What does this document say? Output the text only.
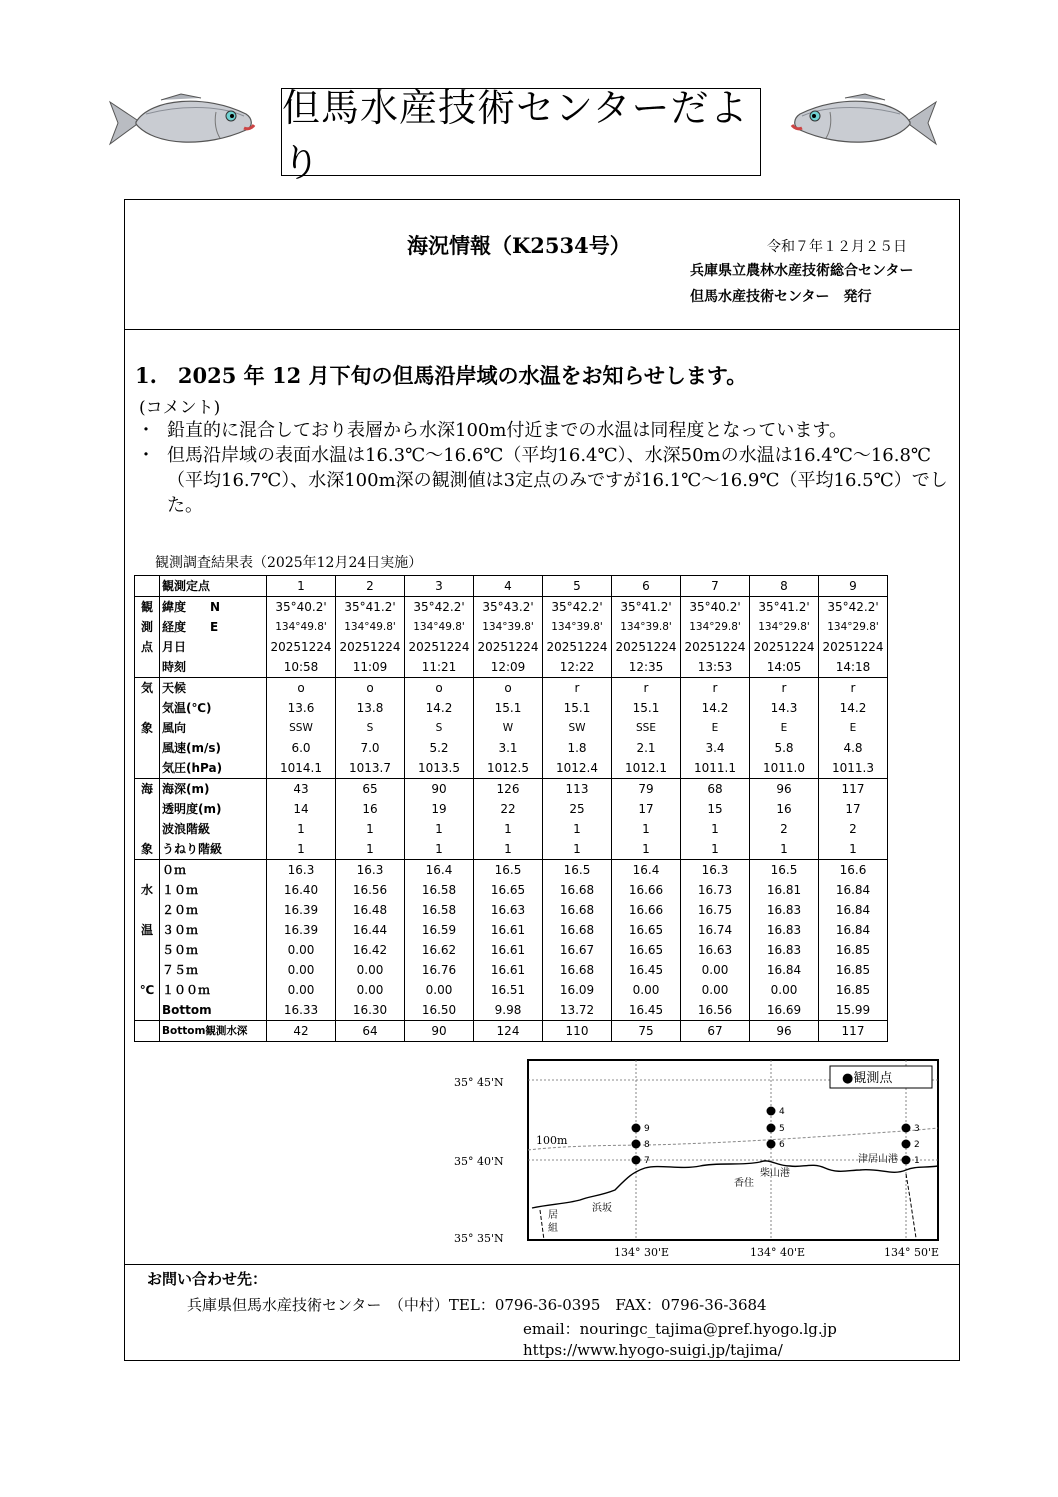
但馬水産技術センターだより
海況情報（K2534号）	令和７年１２月２５日
兵庫県立農林水産技術総合センター
但馬水産技術センター　発行
1.　2025 年 12 月下旬の但馬沿岸域の水温をお知らせします。
(コメント)
・ 鉛直的に混合しており表層から水深100m付近までの水温は同程度となっています。
・ 但馬沿岸域の表面水温は16.3℃～16.6℃（平均16.4℃）、水深50mの水温は16.4℃～16.8℃（平均16.7℃）、水深100m深の観測値は3定点のみですが16.1℃～16.9℃（平均16.5℃）でした。
お問い合わせ先：
兵庫県但馬水産技術センター　（中村）TEL：0796-36-0395　FAX：0796-36-3684
email：nouringc_tajima@pref.hyogo.lg.jp
https://www.hyogo-suigi.jp/tajima/
観測調査結果表（2025年12月24日実施）
	観測定点	1	2	3	4	5	6	7	8	9
観	緯度　　N	35°40.2'	35°41.2'	35°42.2'	35°43.2'	35°42.2'	35°41.2'	35°40.2'	35°41.2'	35°42.2'
測	経度　　E	134°49.8'	134°49.8'	134°49.8'	134°39.8'	134°39.8'	134°39.8'	134°29.8'	134°29.8'	134°29.8'
点	月日	20251224	20251224	20251224	20251224	20251224	20251224	20251224	20251224	20251224
	時刻	10:58	11:09	11:21	12:09	12:22	12:35	13:53	14:05	14:18
気	天候	o	o	o	o	r	r	r	r	r
	気温(℃)	13.6	13.8	14.2	15.1	15.1	15.1	14.2	14.3	14.2
象	風向	SSW	S	S	W	SW	SSE	E	E	E
	風速(m/s)	6.0	7.0	5.2	3.1	1.8	2.1	3.4	5.8	4.8
	気圧(hPa)	1014.1	1013.7	1013.5	1012.5	1012.4	1012.1	1011.1	1011.0	1011.3
海	海深(m)	43	65	90	126	113	79	68	96	117
	透明度(m)	14	16	19	22	25	17	15	16	17
	波浪階級	1	1	1	1	1	1	1	2	2
象	うねり階級	1	1	1	1	1	1	1	1	1
	０ｍ	16.3	16.3	16.4	16.5	16.5	16.4	16.3	16.5	16.6
水	１０ｍ	16.40	16.56	16.58	16.65	16.68	16.66	16.73	16.81	16.84
	２０ｍ	16.39	16.48	16.58	16.63	16.68	16.66	16.75	16.83	16.84
温	３０ｍ	16.39	16.44	16.59	16.61	16.68	16.65	16.74	16.83	16.84
	５０ｍ	0.00	16.42	16.62	16.61	16.67	16.65	16.63	16.83	16.85
	７５ｍ	0.00	0.00	16.76	16.61	16.68	16.45	0.00	16.84	16.85
℃	１００ｍ	0.00	0.00	0.00	16.51	16.09	0.00	0.00	0.00	16.85
	Bottom	16.33	16.30	16.50	9.98	13.72	16.45	16.56	16.69	15.99
	Bottom観測水深	42	64	90	124	110	75	67	96	117
9
8
7
4
5
6
3
2
1
●観測点
35° 45'N
35° 40'N
35° 35'N
134° 30'E	134° 40'E	134° 50'E
100m
浜坂
香住
柴山港
津居山港
居
組
